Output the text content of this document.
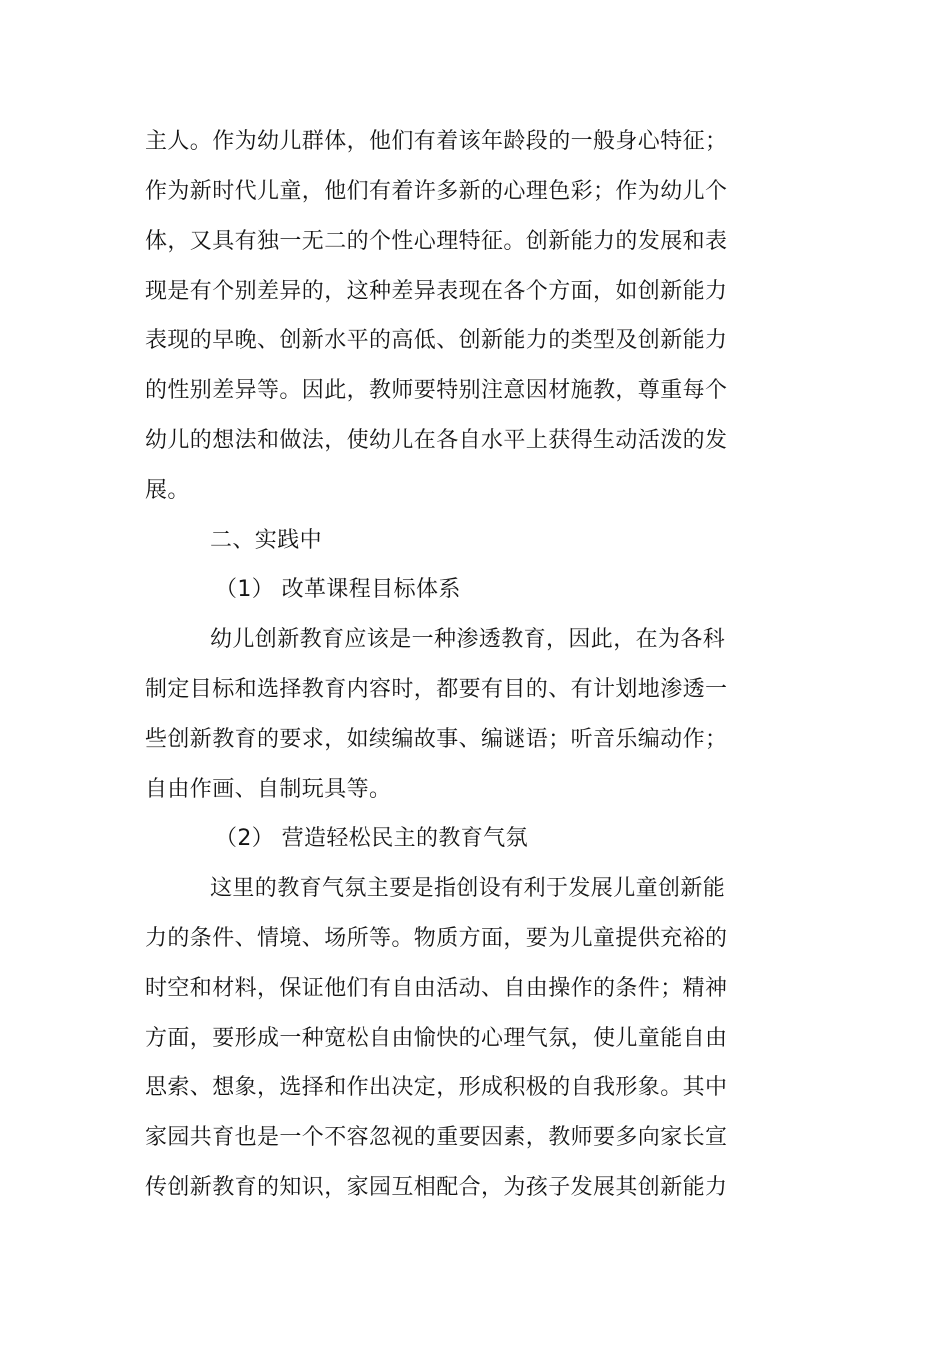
主人。作为幼儿群体，他们有着该年龄段的一般身心特征；
作为新时代儿童，他们有着许多新的心理色彩；作为幼儿个
体，又具有独一无二的个性心理特征。创新能力的发展和表
现是有个别差异的，这种差异表现在各个方面，如创新能力
表现的早晚、创新水平的高低、创新能力的类型及创新能力
的性别差异等。因此，教师要特别注意因材施教，尊重每个
幼儿的想法和做法，使幼儿在各自水平上获得生动活泼的发
展。
二、实践中
（1） 改革课程目标体系
幼儿创新教育应该是一种渗透教育，因此，在为各科
制定目标和选择教育内容时，都要有目的、有计划地渗透一
些创新教育的要求，如续编故事、编谜语；听音乐编动作；
自由作画、自制玩具等。
（2） 营造轻松民主的教育气氛
这里的教育气氛主要是指创设有利于发展儿童创新能
力的条件、情境、场所等。物质方面，要为儿童提供充裕的
时空和材料，保证他们有自由活动、自由操作的条件；精神
方面，要形成一种宽松自由愉快的心理气氛，使儿童能自由
思索、想象，选择和作出决定，形成积极的自我形象。其中
家园共育也是一个不容忽视的重要因素，教师要多向家长宣
传创新教育的知识，家园互相配合，为孩子发展其创新能力
